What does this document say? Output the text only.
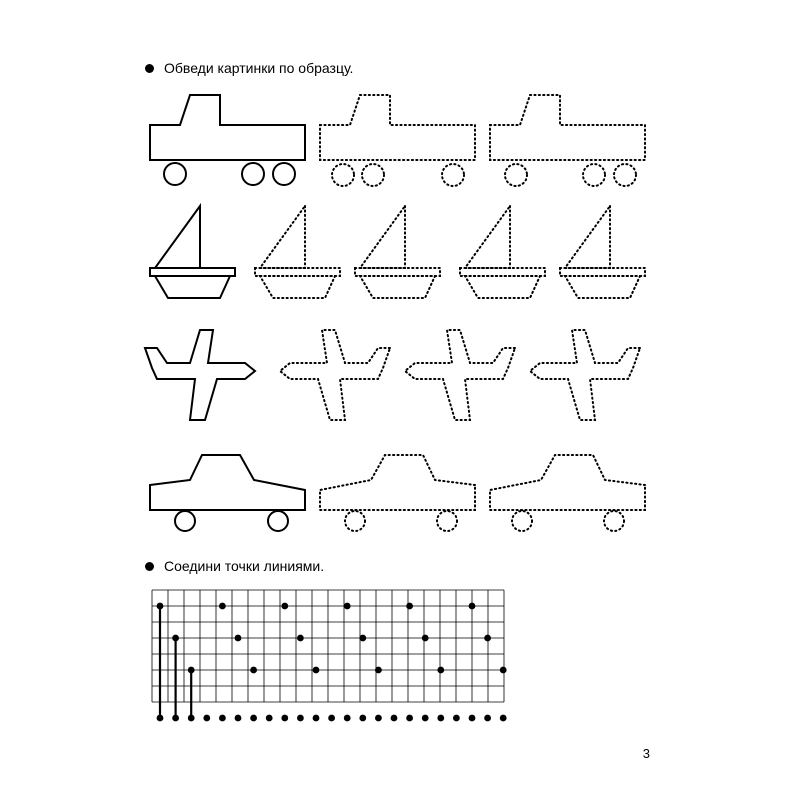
Обведи картинки по образцу.
Соедини точки линиями.
3
